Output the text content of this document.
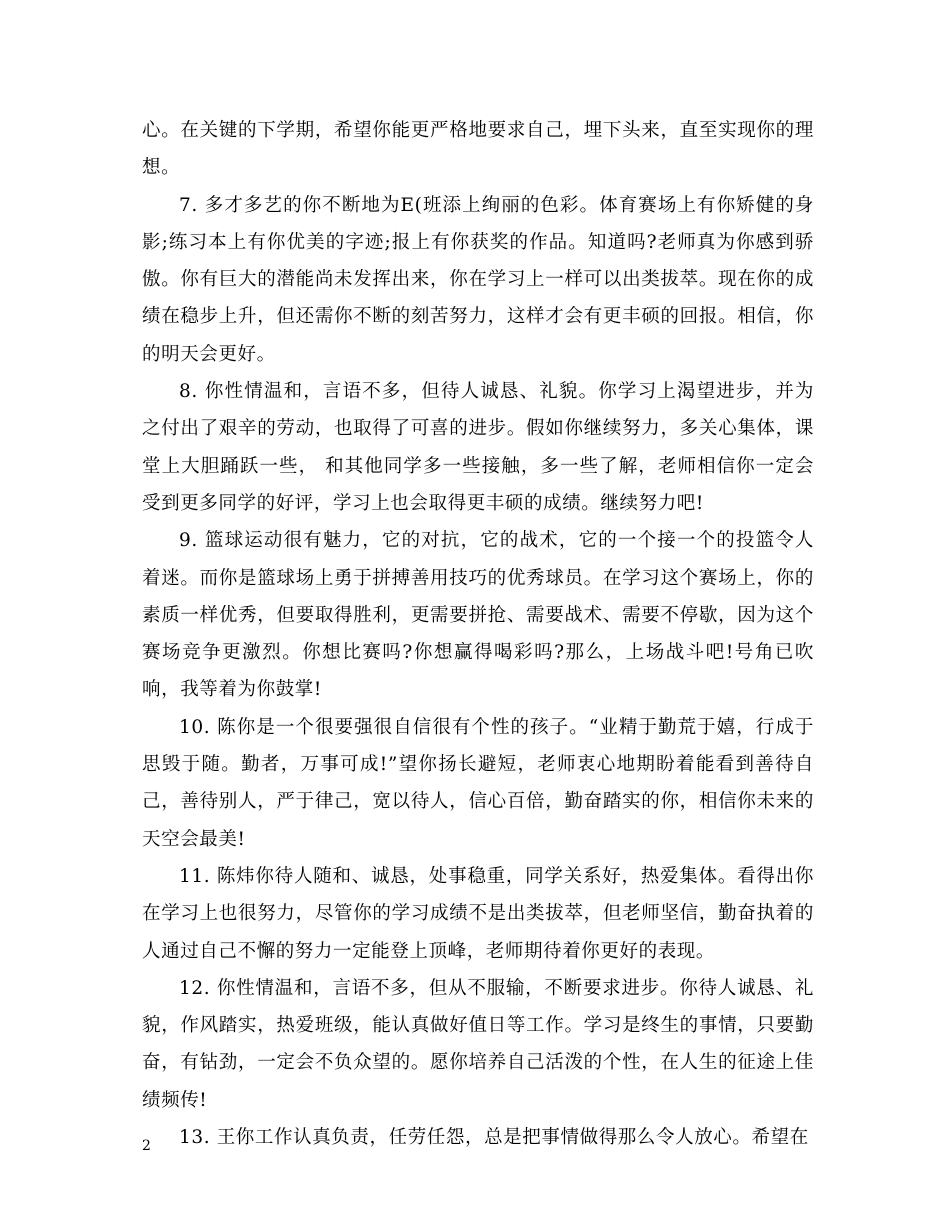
心。在关键的下学期，希望你能更严格地要求自己，埋下头来，直至实现你的理想。

7. 多才多艺的你不断地为E(班添上绚丽的色彩。体育赛场上有你矫健的身影;练习本上有你优美的字迹;报上有你获奖的作品。知道吗?老师真为你感到骄傲。你有巨大的潜能尚未发挥出来，你在学习上一样可以出类拔萃。现在你的成绩在稳步上升，但还需你不断的刻苦努力，这样才会有更丰硕的回报。相信，你的明天会更好。

8. 你性情温和，言语不多，但待人诚恳、礼貌。你学习上渴望进步，并为之付出了艰辛的劳动，也取得了可喜的进步。假如你继续努力，多关心集体，课堂上大胆踊跃一些， 和其他同学多一些接触，多一些了解，老师相信你一定会受到更多同学的好评，学习上也会取得更丰硕的成绩。继续努力吧!

9. 篮球运动很有魅力，它的对抗，它的战术，它的一个接一个的投篮令人着迷。而你是篮球场上勇于拼搏善用技巧的优秀球员。在学习这个赛场上，你的素质一样优秀，但要取得胜利，更需要拼抢、需要战术、需要不停歇，因为这个赛场竞争更激烈。你想比赛吗?你想赢得喝彩吗?那么，上场战斗吧!号角已吹响，我等着为你鼓掌!

10. 陈你是一个很要强很自信很有个性的孩子。“业精于勤荒于嬉，行成于思毁于随。勤者，万事可成!”望你扬长避短，老师衷心地期盼着能看到善待自己，善待别人，严于律己，宽以待人，信心百倍，勤奋踏实的你，相信你未来的天空会最美!

11. 陈炜你待人随和、诚恳，处事稳重，同学关系好，热爱集体。看得出你在学习上也很努力，尽管你的学习成绩不是出类拔萃，但老师坚信，勤奋执着的人通过自己不懈的努力一定能登上顶峰，老师期待着你更好的表现。

12. 你性情温和，言语不多，但从不服输，不断要求进步。你待人诚恳、礼貌，作风踏实，热爱班级，能认真做好值日等工作。学习是终生的事情，只要勤奋，有钻劲，一定会不负众望的。愿你培养自己活泼的个性，在人生的征途上佳绩频传!

13. 王你工作认真负责，任劳任怨，总是把事情做得那么令人放心。希望在

2
